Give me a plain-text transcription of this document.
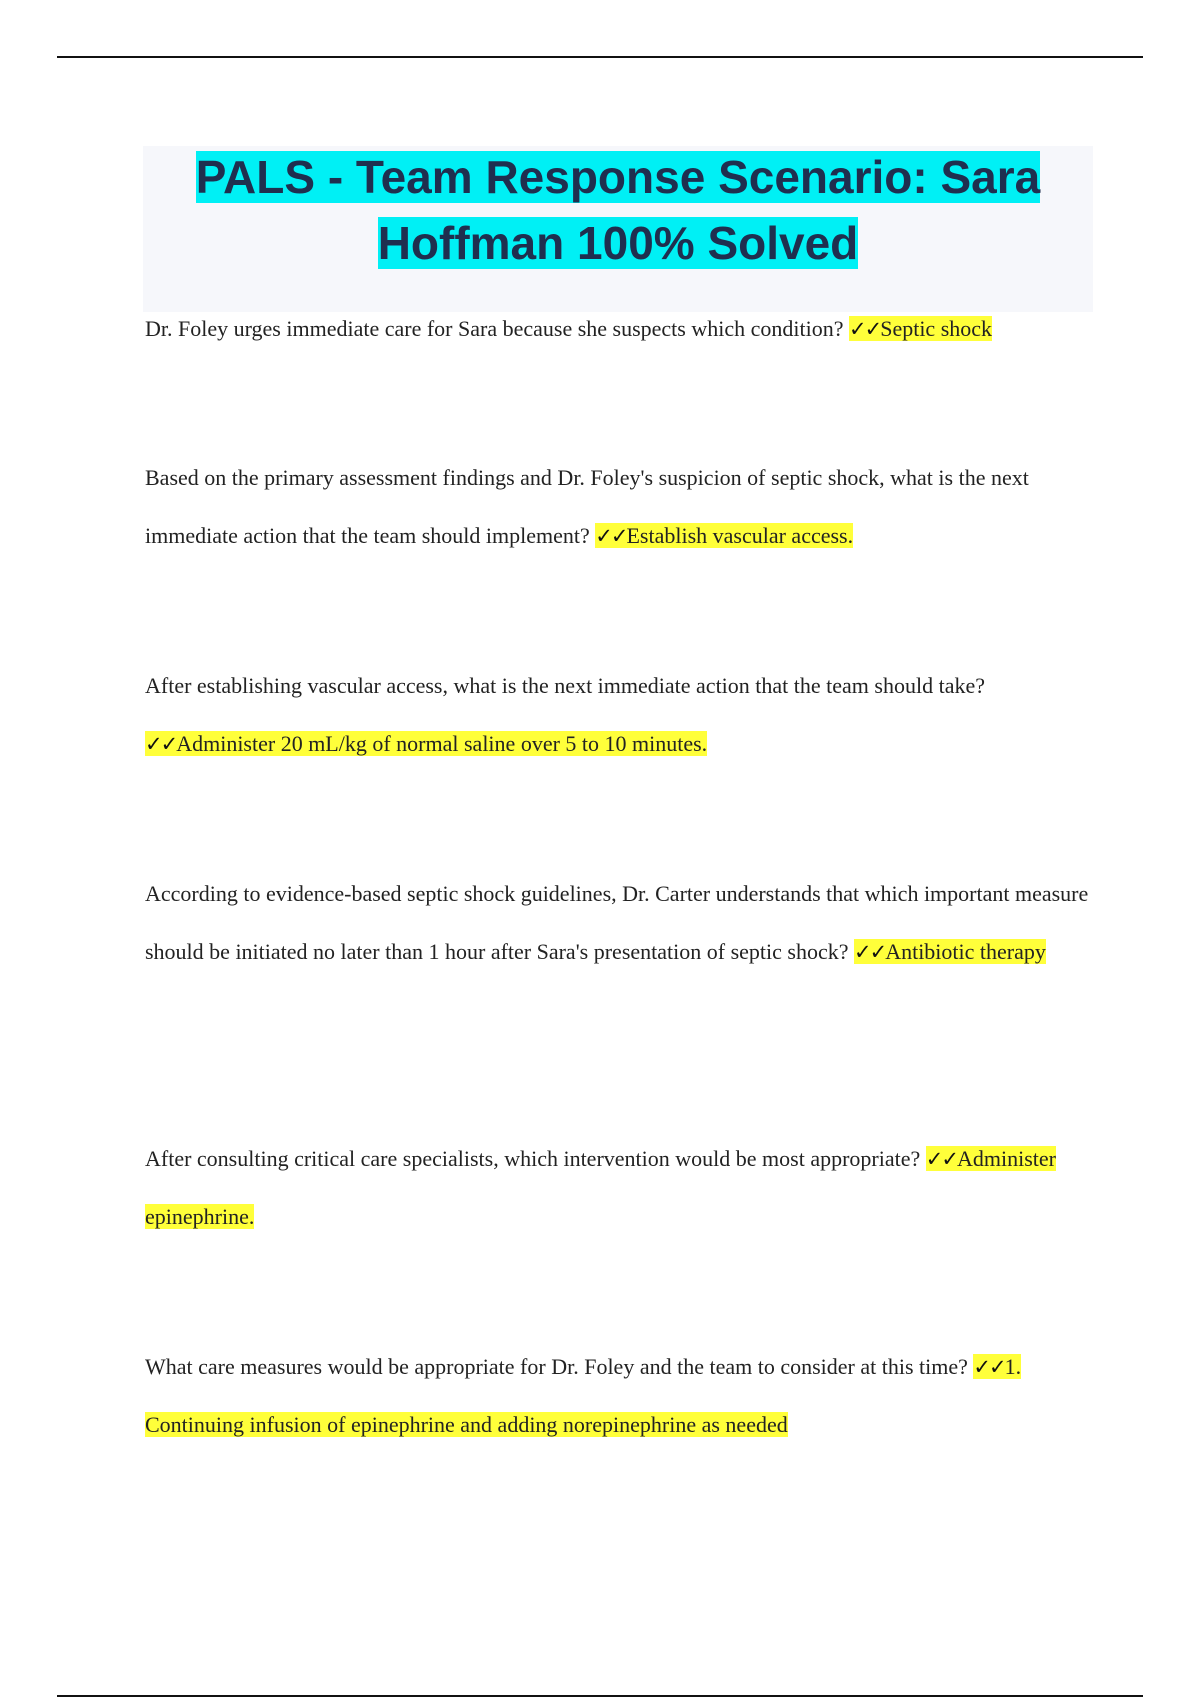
PALS - Team Response Scenario: Sara Hoffman 100% Solved
Dr. Foley urges immediate care for Sara because she suspects which condition? ✓✓Septic shock
Based on the primary assessment findings and Dr. Foley's suspicion of septic shock, what is the next immediate action that the team should implement? ✓✓Establish vascular access.
After establishing vascular access, what is the next immediate action that the team should take? ✓✓Administer 20 mL/kg of normal saline over 5 to 10 minutes.
According to evidence-based septic shock guidelines, Dr. Carter understands that which important measure should be initiated no later than 1 hour after Sara's presentation of septic shock? ✓✓Antibiotic therapy
After consulting critical care specialists, which intervention would be most appropriate? ✓✓Administer epinephrine.
What care measures would be appropriate for Dr. Foley and the team to consider at this time? ✓✓1. Continuing infusion of epinephrine and adding norepinephrine as needed
